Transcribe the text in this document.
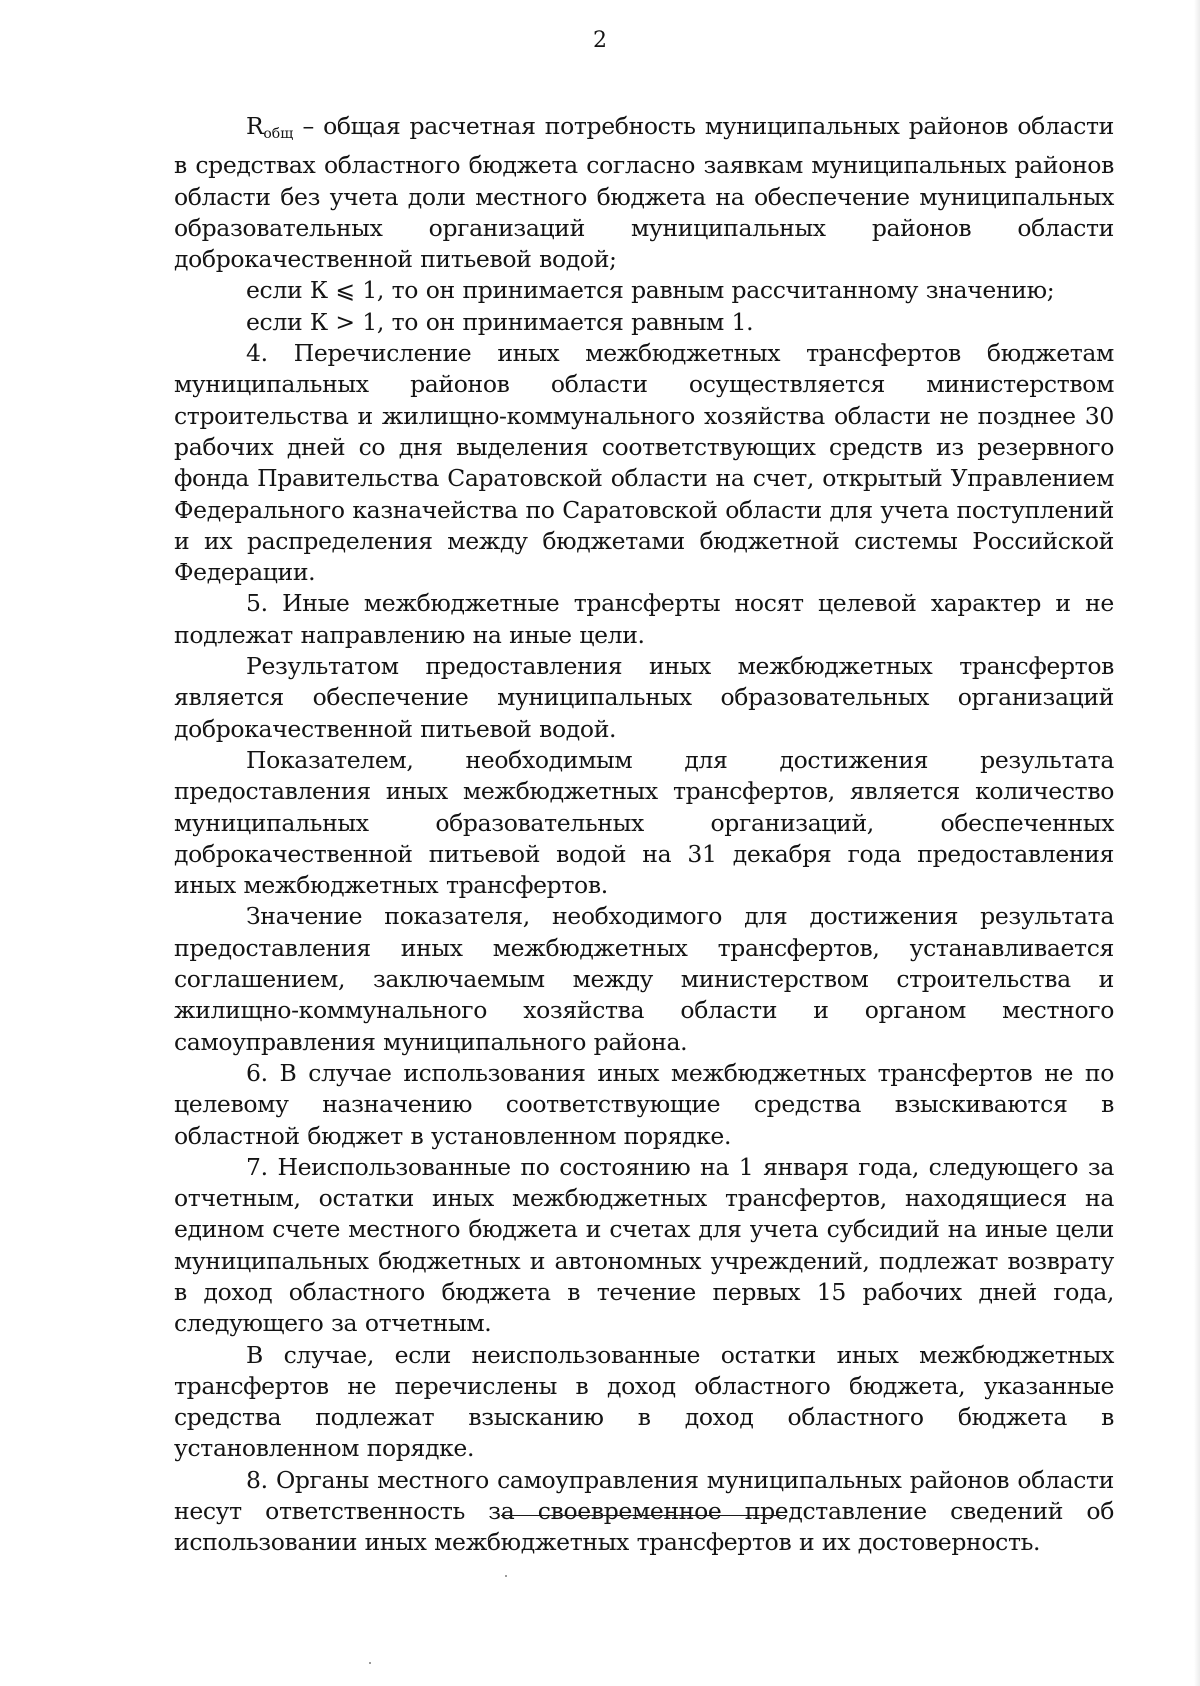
2

$R_{общ}$ – общая расчетная потребность муниципальных районов области в средствах областного бюджета согласно заявкам муниципальных районов области без учета доли местного бюджета на обеспечение муниципальных образовательных организаций муниципальных районов области доброкачественной питьевой водой;

если К ⩽ 1, то он принимается равным рассчитанному значению;

если К > 1, то он принимается равным 1.

4. Перечисление иных межбюджетных трансфертов бюджетам муниципальных районов области осуществляется министерством строительства и жилищно-коммунального хозяйства области не позднее 30 рабочих дней со дня выделения соответствующих средств из резервного фонда Правительства Саратовской области на счет, открытый Управлением Федерального казначейства по Саратовской области для учета поступлений и их распределения между бюджетами бюджетной системы Российской Федерации.

5. Иные межбюджетные трансферты носят целевой характер и не подлежат направлению на иные цели.

Результатом предоставления иных межбюджетных трансфертов является обеспечение муниципальных образовательных организаций доброкачественной питьевой водой.

Показателем, необходимым для достижения результата предоставления иных межбюджетных трансфертов, является количество муниципальных образовательных организаций, обеспеченных доброкачественной питьевой водой на 31 декабря года предоставления иных межбюджетных трансфертов.

Значение показателя, необходимого для достижения результата предоставления иных межбюджетных трансфертов, устанавливается соглашением, заключаемым между министерством строительства и жилищно-коммунального хозяйства области и органом местного самоуправления муниципального района.

6. В случае использования иных межбюджетных трансфертов не по целевому назначению соответствующие средства взыскиваются в областной бюджет в установленном порядке.

7. Неиспользованные по состоянию на 1 января года, следующего за отчетным, остатки иных межбюджетных трансфертов, находящиеся на едином счете местного бюджета и счетах для учета субсидий на иные цели муниципальных бюджетных и автономных учреждений, подлежат возврату в доход областного бюджета в течение первых 15 рабочих дней года, следующего за отчетным.

В случае, если неиспользованные остатки иных межбюджетных трансфертов не перечислены в доход областного бюджета, указанные средства подлежат взысканию в доход областного бюджета в установленном порядке.

8. Органы местного самоуправления муниципальных районов области несут ответственность за своевременное представление сведений об использовании иных межбюджетных трансфертов и их достоверность.
